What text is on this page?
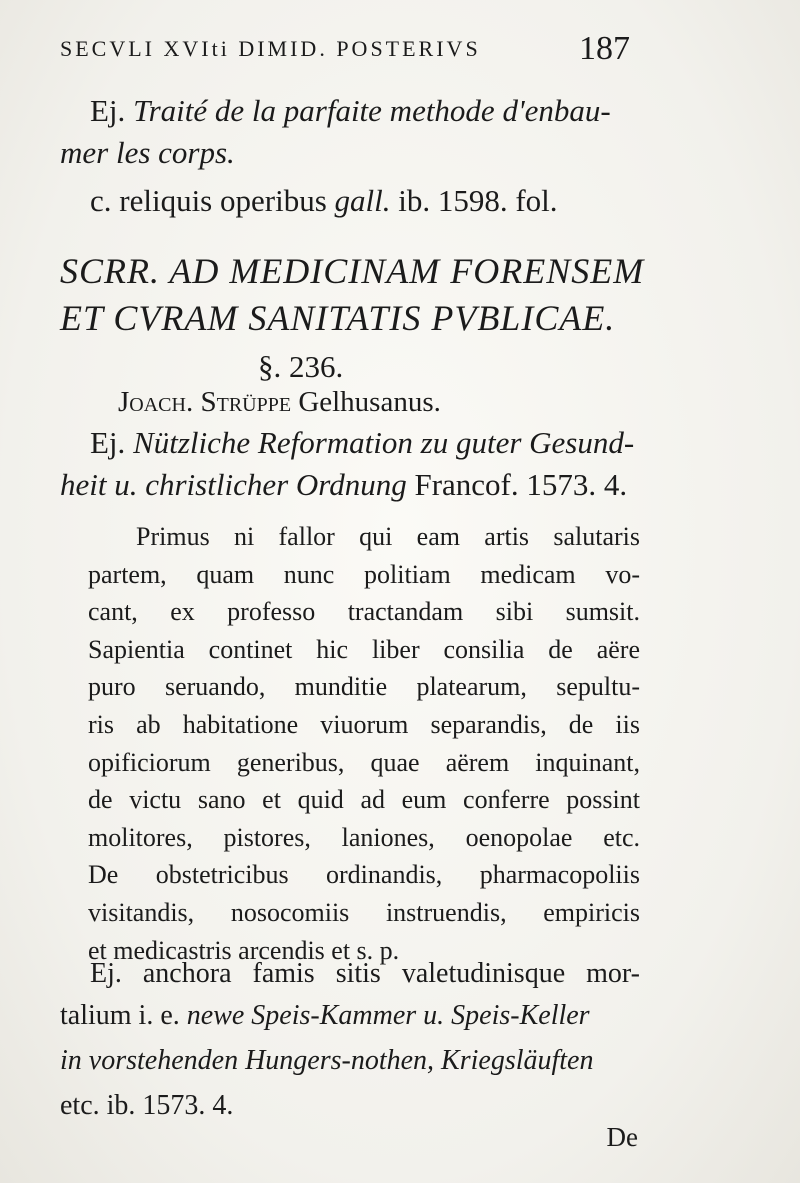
SECVLI XVIti DIMID. POSTERIVS	187
Ej. Traité de la parfaite methode d'enbau-
mer les corps.
c. reliquis operibus gall. ib. 1598. fol.
SCRR. AD MEDICINAM FORENSEM
ET CVRAM SANITATIS PVBLICAE.
§. 236.
Joach. Strüppe Gelhusanus.
Ej. Nützliche Reformation zu guter Gesund-
heit u. christlicher Ordnung Francof. 1573. 4.
Primus ni fallor qui eam artis salutaris
partem, quam nunc politiam medicam vo-
cant, ex professo tractandam sibi sumsit.
Sapientia continet hic liber consilia de aëre
puro seruando, munditie platearum, sepultu-
ris ab habitatione viuorum separandis, de iis
opificiorum generibus, quae aërem inquinant,
de victu sano et quid ad eum conferre possint
molitores, pistores, laniones, oenopolae etc.
De obstetricibus ordinandis, pharmacopoliis
visitandis, nosocomiis instruendis, empiricis
et medicastris arcendis et s. p.
Ej. anchora famis sitis valetudinisque mor-
talium i. e. newe Speis-Kammer u. Speis-Keller
in vorstehenden Hungers-nothen, Kriegsläuften
etc. ib. 1573. 4.
De
